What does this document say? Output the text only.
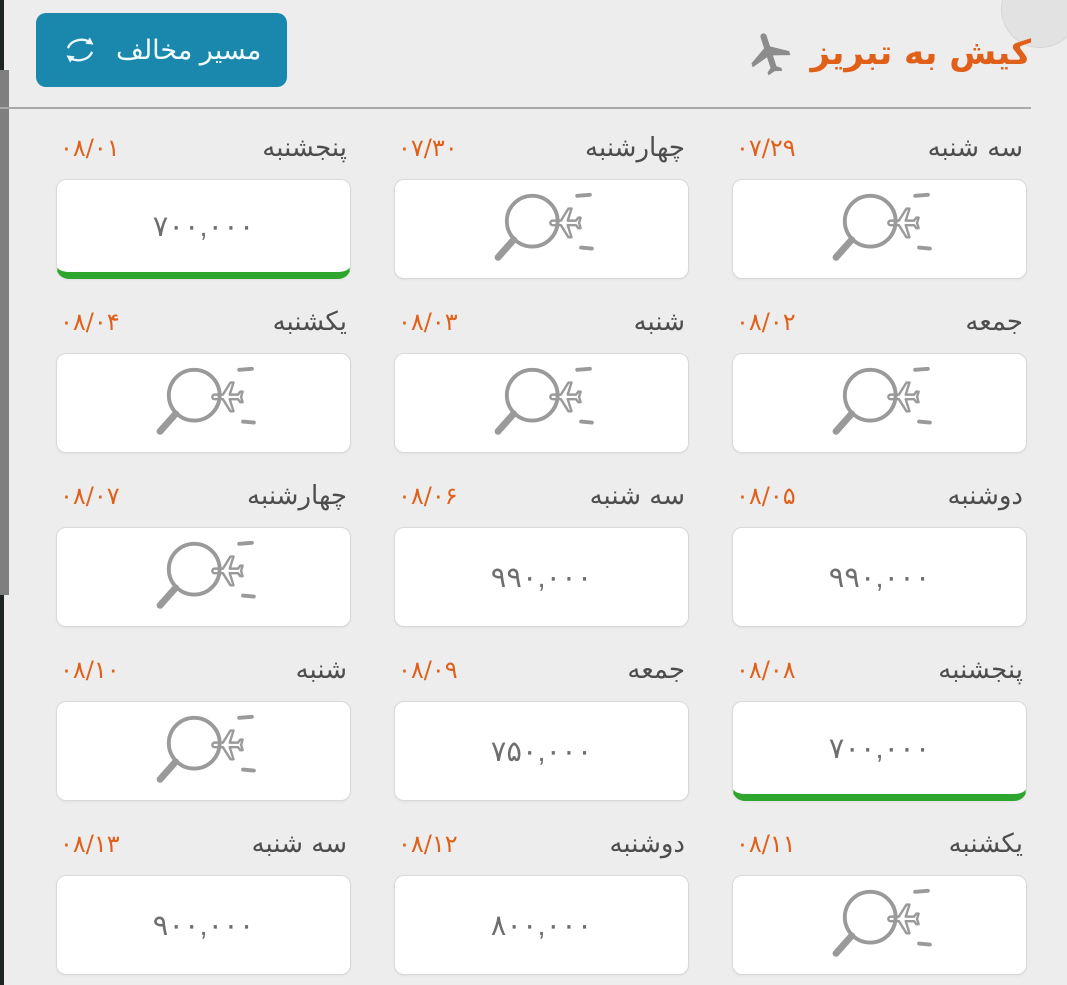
کیش به تبریز
مسیر مخالف
سه شنبه
۰۷/۲۹
چهارشنبه
۰۷/۳۰
پنجشنبه
۰۸/۰۱
۷۰۰,۰۰۰
جمعه
۰۸/۰۲
شنبه
۰۸/۰۳
یکشنبه
۰۸/۰۴
دوشنبه
۰۸/۰۵
۹۹۰,۰۰۰
سه شنبه
۰۸/۰۶
۹۹۰,۰۰۰
چهارشنبه
۰۸/۰۷
پنجشنبه
۰۸/۰۸
۷۰۰,۰۰۰
جمعه
۰۸/۰۹
۷۵۰,۰۰۰
شنبه
۰۸/۱۰
یکشنبه
۰۸/۱۱
دوشنبه
۰۸/۱۲
۸۰۰,۰۰۰
سه شنبه
۰۸/۱۳
۹۰۰,۰۰۰
